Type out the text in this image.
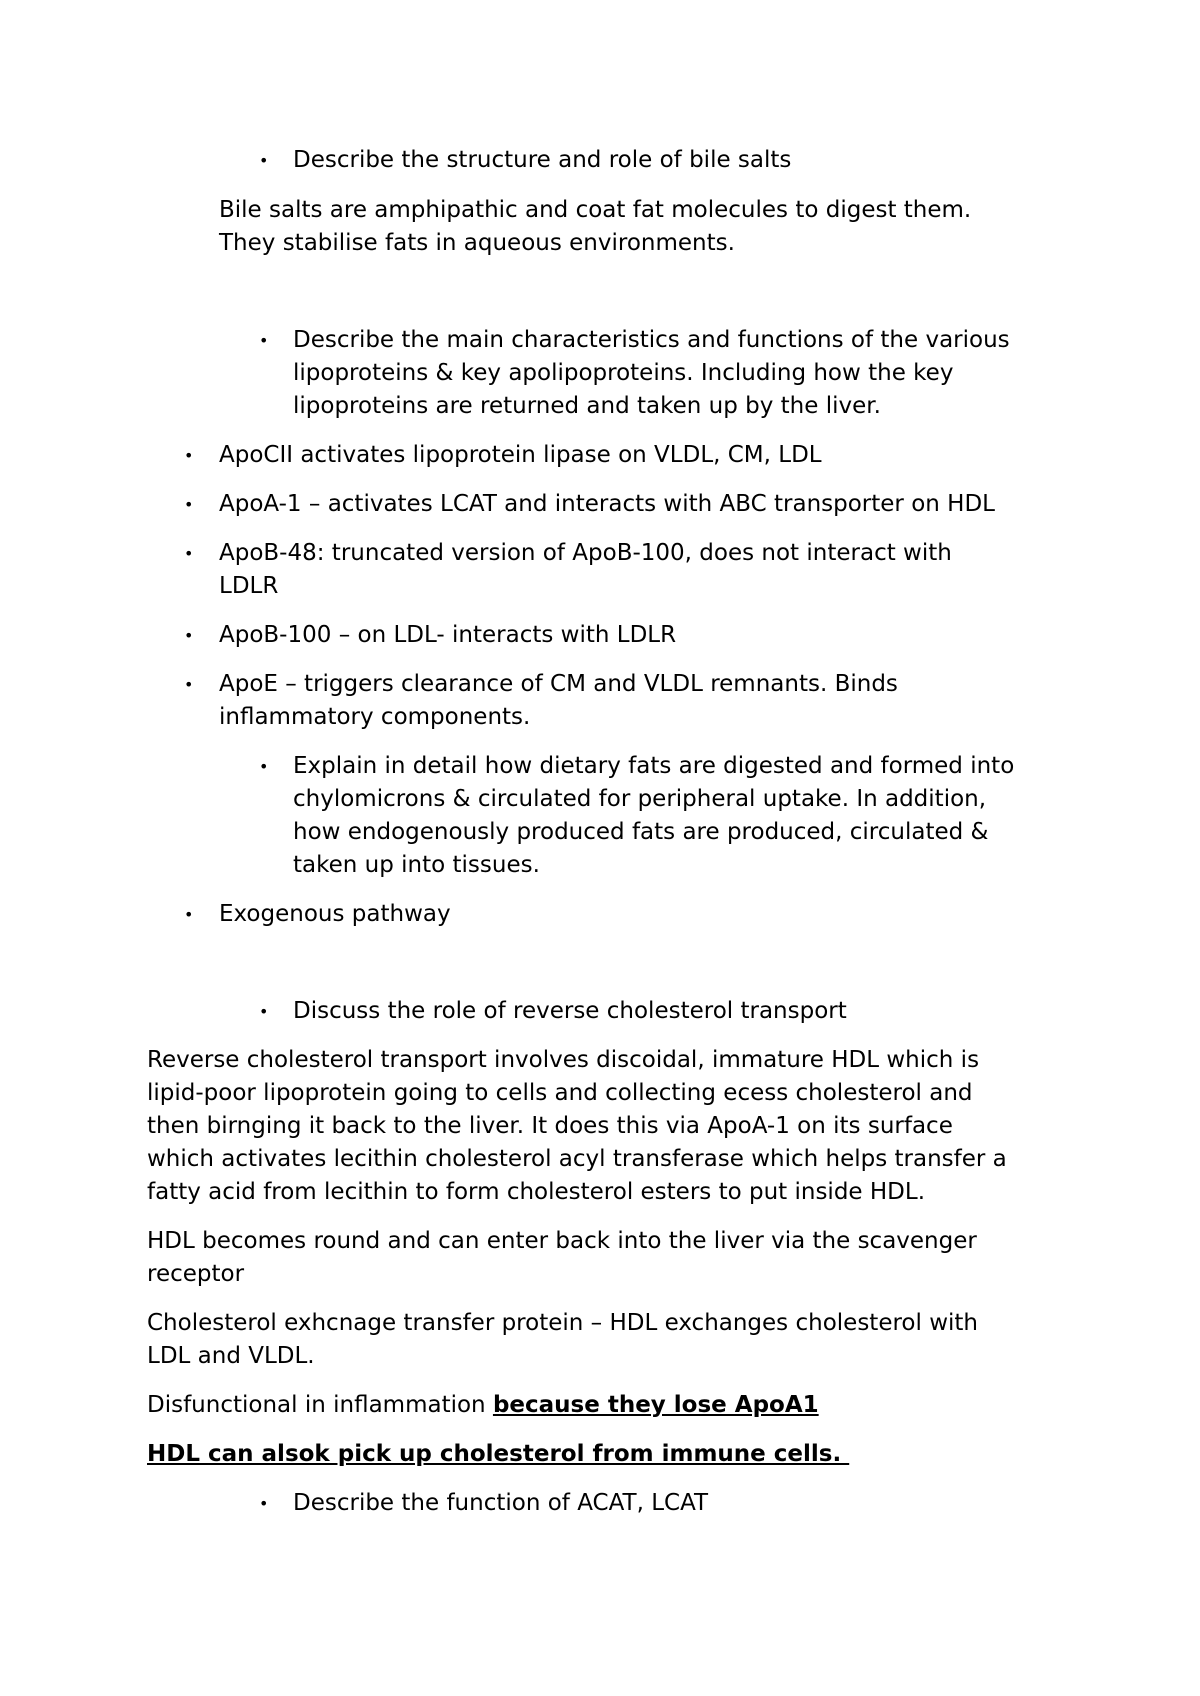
• Describe the structure and role of bile salts

Bile salts are amphipathic and coat fat molecules to digest them.

They stabilise fats in aqueous environments.

• Describe the main characteristics and functions of the various

lipoproteins & key apolipoproteins. Including how the key

lipoproteins are returned and taken up by the liver.

• ApoCII activates lipoprotein lipase on VLDL, CM, LDL

• ApoA-1 – activates LCAT and interacts with ABC transporter on HDL

• ApoB-48: truncated version of ApoB-100, does not interact with

LDLR

• ApoB-100 – on LDL- interacts with LDLR

• ApoE – triggers clearance of CM and VLDL remnants. Binds

inflammatory components.

• Explain in detail how dietary fats are digested and formed into

chylomicrons & circulated for peripheral uptake. In addition,

how endogenously produced fats are produced, circulated &

taken up into tissues.

• Exogenous pathway

• Discuss the role of reverse cholesterol transport

Reverse cholesterol transport involves discoidal, immature HDL which is

lipid-poor lipoprotein going to cells and collecting ecess cholesterol and

then birnging it back to the liver. It does this via ApoA-1 on its surface

which activates lecithin cholesterol acyl transferase which helps transfer a

fatty acid from lecithin to form cholesterol esters to put inside HDL.

HDL becomes round and can enter back into the liver via the scavenger

receptor

Cholesterol exhcnage transfer protein – HDL exchanges cholesterol with

LDL and VLDL.

Disfunctional in inflammation because they lose ApoA1

HDL can alsok pick up cholesterol from immune cells.

• Describe the function of ACAT, LCAT
